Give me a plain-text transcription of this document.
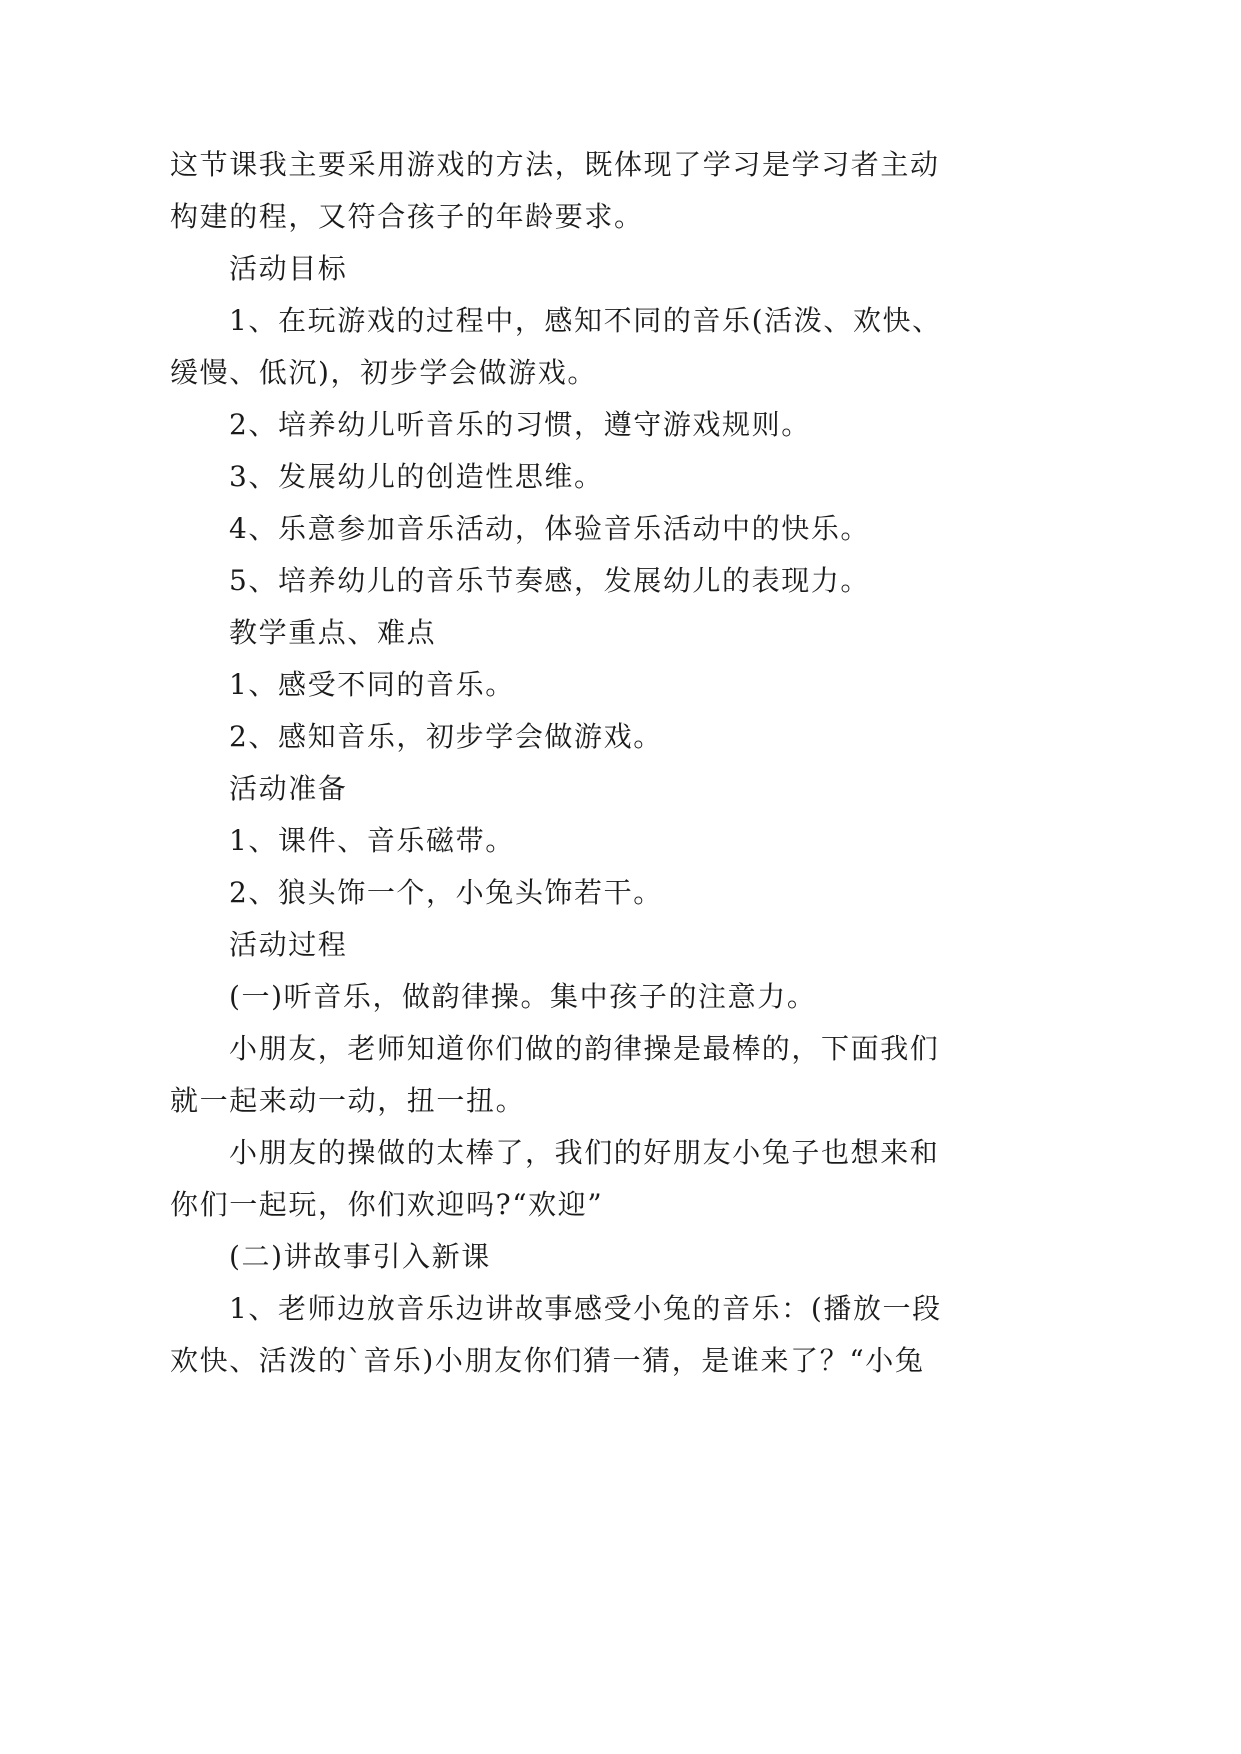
这节课我主要采用游戏的方法，既体现了学习是学习者主动
构建的程，又符合孩子的年龄要求。
活动目标
1、在玩游戏的过程中，感知不同的音乐(活泼、欢快、
缓慢、低沉)，初步学会做游戏。
2、培养幼儿听音乐的习惯，遵守游戏规则。
3、发展幼儿的创造性思维。
4、乐意参加音乐活动，体验音乐活动中的快乐。
5、培养幼儿的音乐节奏感，发展幼儿的表现力。
教学重点、难点
1、感受不同的音乐。
2、感知音乐，初步学会做游戏。
活动准备
1、课件、音乐磁带。
2、狼头饰一个，小兔头饰若干。
活动过程
(一)听音乐，做韵律操。集中孩子的注意力。
小朋友，老师知道你们做的韵律操是最棒的，下面我们
就一起来动一动，扭一扭。
小朋友的操做的太棒了，我们的好朋友小兔子也想来和
你们一起玩，你们欢迎吗?“欢迎”
(二)讲故事引入新课
1、老师边放音乐边讲故事感受小兔的音乐：(播放一段
欢快、活泼的`音乐)小朋友你们猜一猜，是谁来了？“小兔
